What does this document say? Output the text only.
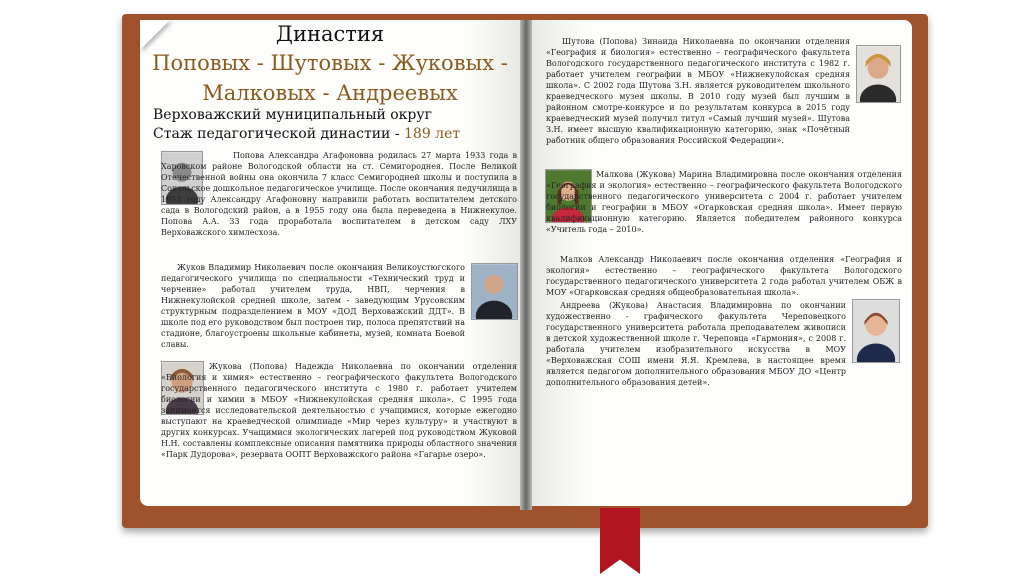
Династия
Поповых - Шутовых - Жуковых -
Малковых - Андреевых
Верховажский муниципальный округ
Стаж педагогической династии - 189 лет

Попова Александра Агафоновна родилась 27 марта 1933 года в Харовском районе Вологодской области на ст. Семигороднея. После Великой Отечественной войны она окончила 7 класс Семигородней школы и поступила в Сокольское дошкольное педагогическое училище. После окончания педучилища в 1953 году Александру Агафоновну направили работать воспитателем детского сада в Вологодский район, а в 1955 году она была переведена в Нижнекулое. Попова А.А. 33 года проработала воспитателем в детском саду ЛХУ Верховажского химлесхоза.

Жуков Владимир Николаевич после окончания Великоустюгского педагогического училища по специальности «Технический труд и черчение» работал учителем труда, НВП, черчения в Нижнекулойской средней школе, затем - заведующим Урусовским структурным подразделением в МОУ «ДОД Верховажский ДДТ». В школе под его руководством был построен тир, полоса препятствий на стадионе, благоустроены школьные кабинеты, музей, комната Боевой славы.

Жукова (Попова) Надежда Николаевна по окончании отделения «Биология и химия» естественно – географического факультета Вологодского государственного педагогического института с 1980 г. работает учителем биологии и химии в МБОУ «Нижнекулойская средняя школа». С 1995 года занимается исследовательской деятельностью с учащимися, которые ежегодно выступают на краеведческой олимпиаде «Мир через культуру» и участвуют в других конкурсах. Учащимися экологических лагерей под руководством Жуковой Н.Н. составлены комплексные описания памятника природы областного значения «Парк Дудорова», резервата ООПТ Верховажского района «Гагарье озеро».

Шутова (Попова) Зинаида Николаевна по окончании отделения «География и биология» естественно – географического факультета Вологодского государственного педагогического института с 1982 г. работает учителем географии в МБОУ «Нижнекулойская средняя школа». С 2002 года Шутова З.Н. является руководителем школьного краеведческого музея школы. В 2010 году музей был лучшим в районном смотре-конкурсе и по результатам конкурса в 2015 году краеведческий музей получил титул «Самый лучший музей». Шутова З.Н. имеет высшую квалификационную категорию, знак «Почётный работник общего образования Российской Федерации».

Малкова (Жукова) Марина Владимировна после окончания отделения «География и экология» естественно – географического факультета Вологодского государственного педагогического университета с 2004 г. работает учителем биологии и географии в МБОУ «Огарковская средняя школа». Имеет первую квалификационную категорию. Является победителем районного конкурса «Учитель года – 2010».

Малков Александр Николаевич после окончания отделения «География и экология» естественно – географического факультета Вологодского государственного педагогического университета 2 года работал учителем ОБЖ в МОУ «Огарковская средняя общеобразовательная школа».

Андреева (Жукова) Анастасия Владимировна по окончании художественно - графического факультета Череповецкого государственного университета работала преподавателем живописи в детской художественной школе г. Череповца «Гармония», с 2008 г. работала учителем изобразительного искусства в МОУ «Верховажская СОШ имени Я.Я. Кремлева, в настоящее время является педагогом дополнительного образования МБОУ ДО «Центр дополнительного образования детей».
